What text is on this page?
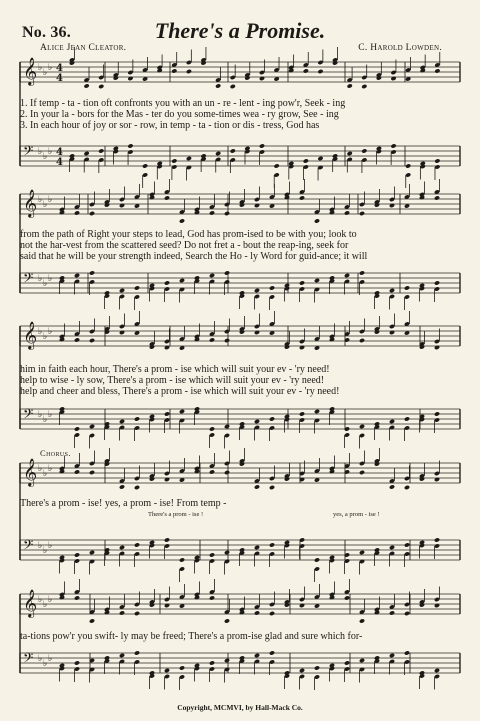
No. 36.	There's a Promise.
Alice Jean Cleator.	C. Harold Lowden.
𝄞 ♭ ♭ ♭ 4
4
𝄢 ♭ ♭ ♭ 4
4
𝄞 ♭ ♭ ♭
𝄢 ♭ ♭ ♭
𝄞 ♭ ♭ ♭
𝄢 ♭ ♭ ♭
𝄞 ♭ ♭ ♭
𝄢 ♭ ♭ ♭
𝄞 ♭ ♭ ♭
𝄢 ♭ ♭ ♭
1. If temp - ta - tion oft confronts you with an un - re - lent - ing pow'r, Seek - ing
2. In your la - bors for the Mas - ter do you some-times wea - ry grow, See - ing
3. In each hour of joy or sor - row, in temp - ta - tion or dis - tress, God has
from the path of Right your steps to lead, God has prom-ised to be with you; look to
not the har-vest from the scattered seed? Do not fret a - bout the reap-ing, seek for
said that he will be your strength indeed, Search the Ho - ly Word for guid-ance; it will
him in faith each hour, There's a prom - ise which will suit your ev - 'ry need!
help to wise - ly sow, There's a prom - ise which will suit your ev - 'ry need!
help and cheer and bless, There's a prom - ise which will suit your ev - 'ry need!
Chorus.
There's a prom - ise! yes, a prom - ise! From temp -
There's a prom - ise !	yes, a prom - ise !
ta-tions pow'r you swift- ly may be freed; There's a prom-ise glad and sure which for-
Copyright, MCMVI, by Hall-Mack Co.
